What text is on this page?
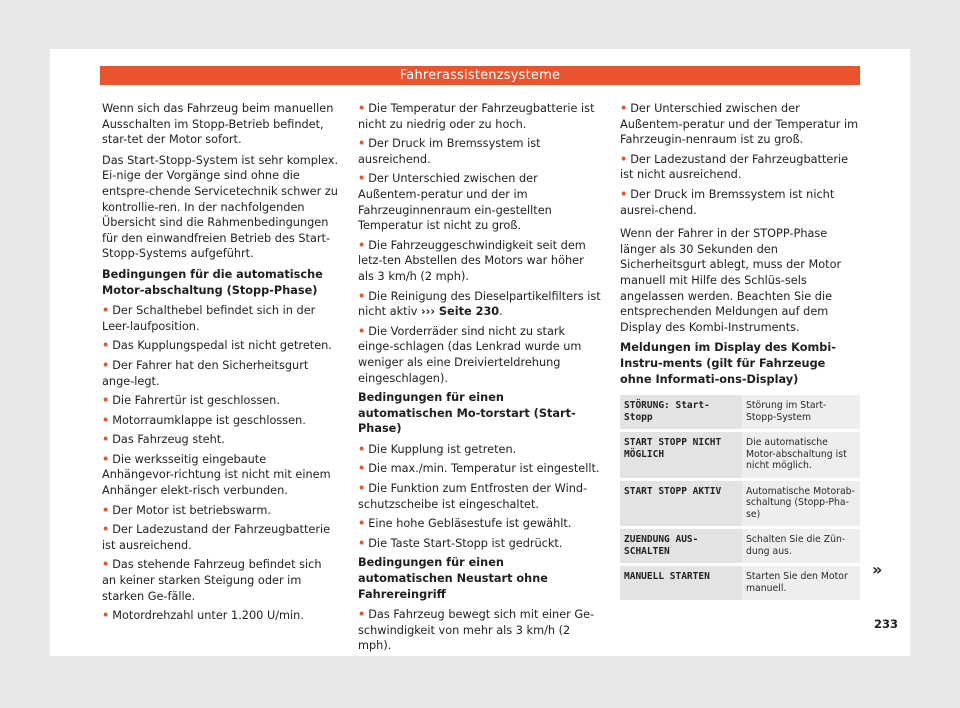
Fahrerassistenzsysteme

Wenn sich das Fahrzeug beim manuellen Ausschalten im Stopp-Betrieb befindet, star-tet der Motor sofort.

Das Start-Stopp-System ist sehr komplex. Ei-nige der Vorgänge sind ohne die entspre-chende Servicetechnik schwer zu kontrollie-ren. In der nachfolgenden Übersicht sind die Rahmenbedingungen für den einwandfreien Betrieb des Start-Stopp-Systems aufgeführt.

Bedingungen für die automatische Motor-abschaltung (Stopp-Phase)

• Der Schalthebel befindet sich in der Leer-laufposition.
• Das Kupplungspedal ist nicht getreten.
• Der Fahrer hat den Sicherheitsgurt ange-legt.
• Die Fahrertür ist geschlossen.
• Motorraumklappe ist geschlossen.
• Das Fahrzeug steht.
• Die werksseitig eingebaute Anhängevor-richtung ist nicht mit einem Anhänger elekt-risch verbunden.
• Der Motor ist betriebswarm.
• Der Ladezustand der Fahrzeugbatterie ist ausreichend.
• Das stehende Fahrzeug befindet sich an keiner starken Steigung oder im starken Ge-fälle.
• Motordrehzahl unter 1.200 U/min.
• Die Temperatur der Fahrzeugbatterie ist nicht zu niedrig oder zu hoch.
• Der Druck im Bremssystem ist ausreichend.
• Der Unterschied zwischen der Außentem-peratur und der im Fahrzeuginnenraum ein-gestellten Temperatur ist nicht zu groß.
• Die Fahrzeuggeschwindigkeit seit dem letz-ten Abstellen des Motors war höher als 3 km/h (2 mph).
• Die Reinigung des Dieselpartikelfilters ist nicht aktiv ››› Seite 230.
• Die Vorderräder sind nicht zu stark einge-schlagen (das Lenkrad wurde um weniger als eine Dreivierteldrehung eingeschlagen).

Bedingungen für einen automatischen Mo-torstart (Start-Phase)

• Die Kupplung ist getreten.
• Die max./min. Temperatur ist eingestellt.
• Die Funktion zum Entfrosten der Wind-schutzscheibe ist eingeschaltet.
• Eine hohe Gebläsestufe ist gewählt.
• Die Taste Start-Stopp ist gedrückt.

Bedingungen für einen automatischen Neustart ohne Fahrereingriff

• Das Fahrzeug bewegt sich mit einer Ge-schwindigkeit von mehr als 3 km/h (2 mph).
• Der Unterschied zwischen der Außentem-peratur und der Temperatur im Fahrzeugin-nenraum ist zu groß.
• Der Ladezustand der Fahrzeugbatterie ist nicht ausreichend.
• Der Druck im Bremssystem ist nicht ausrei-chend.

Wenn der Fahrer in der STOPP-Phase länger als 30 Sekunden den Sicherheitsgurt ablegt, muss der Motor manuell mit Hilfe des Schlüs-sels angelassen werden. Beachten Sie die entsprechenden Meldungen auf dem Display des Kombi-Instruments.

Meldungen im Display des Kombi-Instru-ments (gilt für Fahrzeuge ohne Informati-ons-Display)

STÖRUNG: Start-Stopp	Störung im Start-Stopp-System
START STOPP NICHT MÖGLICH	Die automatische Motor-abschaltung ist nicht möglich.
START STOPP AKTIV	Automatische Motorab-schaltung (Stopp-Pha-se)
ZUENDUNG AUS-SCHALTEN	Schalten Sie die Zün-dung aus.
MANUELL STARTEN	Starten Sie den Motor manuell.
»
233
